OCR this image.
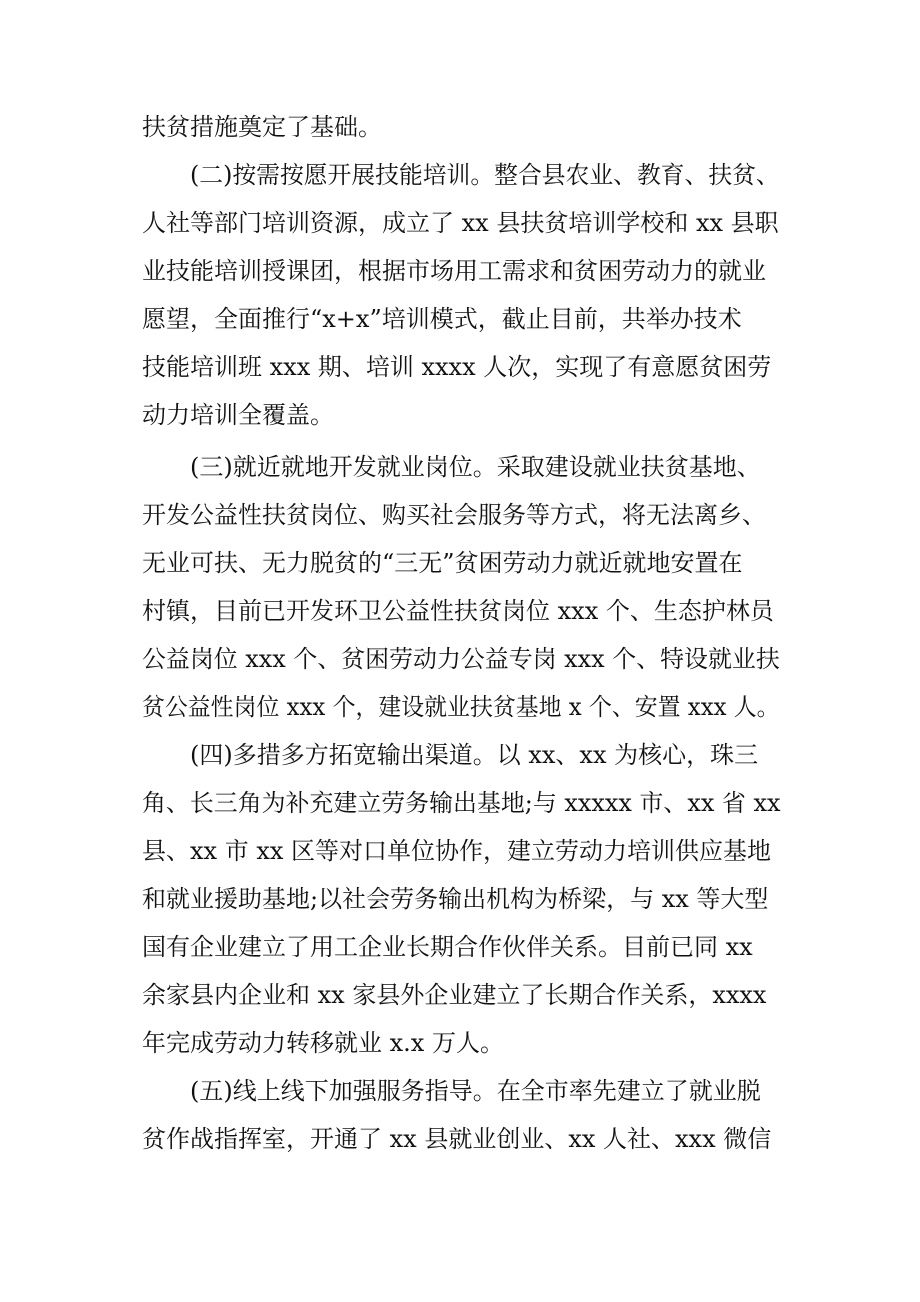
扶贫措施奠定了基础。
(二)按需按愿开展技能培训。整合县农业、教育、扶贫、
人社等部门培训资源，成立了 xx 县扶贫培训学校和 xx 县职
业技能培训授课团，根据市场用工需求和贫困劳动力的就业
愿望，全面推行“x+x”培训模式，截止目前，共举办技术
技能培训班 xxx 期、培训 xxxx 人次，实现了有意愿贫困劳
动力培训全覆盖。
(三)就近就地开发就业岗位。采取建设就业扶贫基地、
开发公益性扶贫岗位、购买社会服务等方式，将无法离乡、
无业可扶、无力脱贫的“三无”贫困劳动力就近就地安置在
村镇，目前已开发环卫公益性扶贫岗位 xxx 个、生态护林员
公益岗位 xxx 个、贫困劳动力公益专岗 xxx 个、特设就业扶
贫公益性岗位 xxx 个，建设就业扶贫基地 x 个、安置 xxx 人。
(四)多措多方拓宽输出渠道。以 xx、xx 为核心，珠三
角、长三角为补充建立劳务输出基地;与 xxxxx 市、xx 省 xx
县、xx 市 xx 区等对口单位协作，建立劳动力培训供应基地
和就业援助基地;以社会劳务输出机构为桥梁，与 xx 等大型
国有企业建立了用工企业长期合作伙伴关系。目前已同 xx
余家县内企业和 xx 家县外企业建立了长期合作关系，xxxx
年完成劳动力转移就业 x.x 万人。
(五)线上线下加强服务指导。在全市率先建立了就业脱
贫作战指挥室，开通了 xx 县就业创业、xx 人社、xxx 微信
